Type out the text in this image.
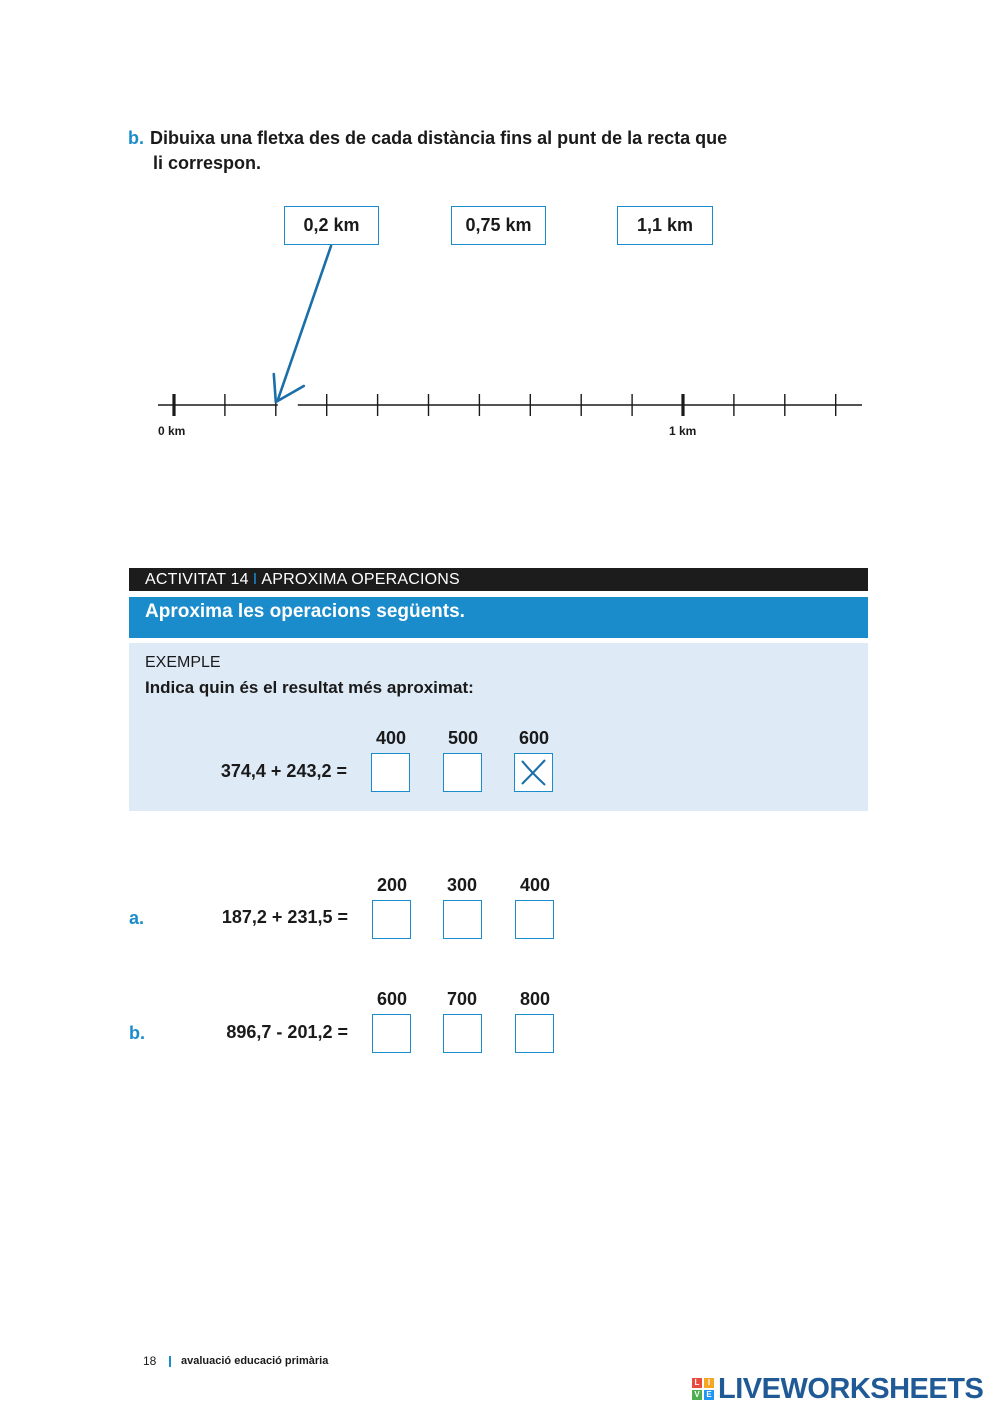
b. Dibuixa una fletxa des de cada distància fins al punt de la recta que
li correspon.
0,2 km	0,75 km	1,1 km
0 km	1 km
ACTIVITAT 14 I APROXIMA OPERACIONS
Aproxima les operacions següents.
EXEMPLE
Indica quin és el resultat més aproximat:
374,4 + 243,2 =
400 500 600
a.	187,2 + 231,5 =
200 300 400
b.	896,7 - 201,2 =
600 700 800
18 avaluació educació primària
L	I
V E LIVEWORKSHEETS
